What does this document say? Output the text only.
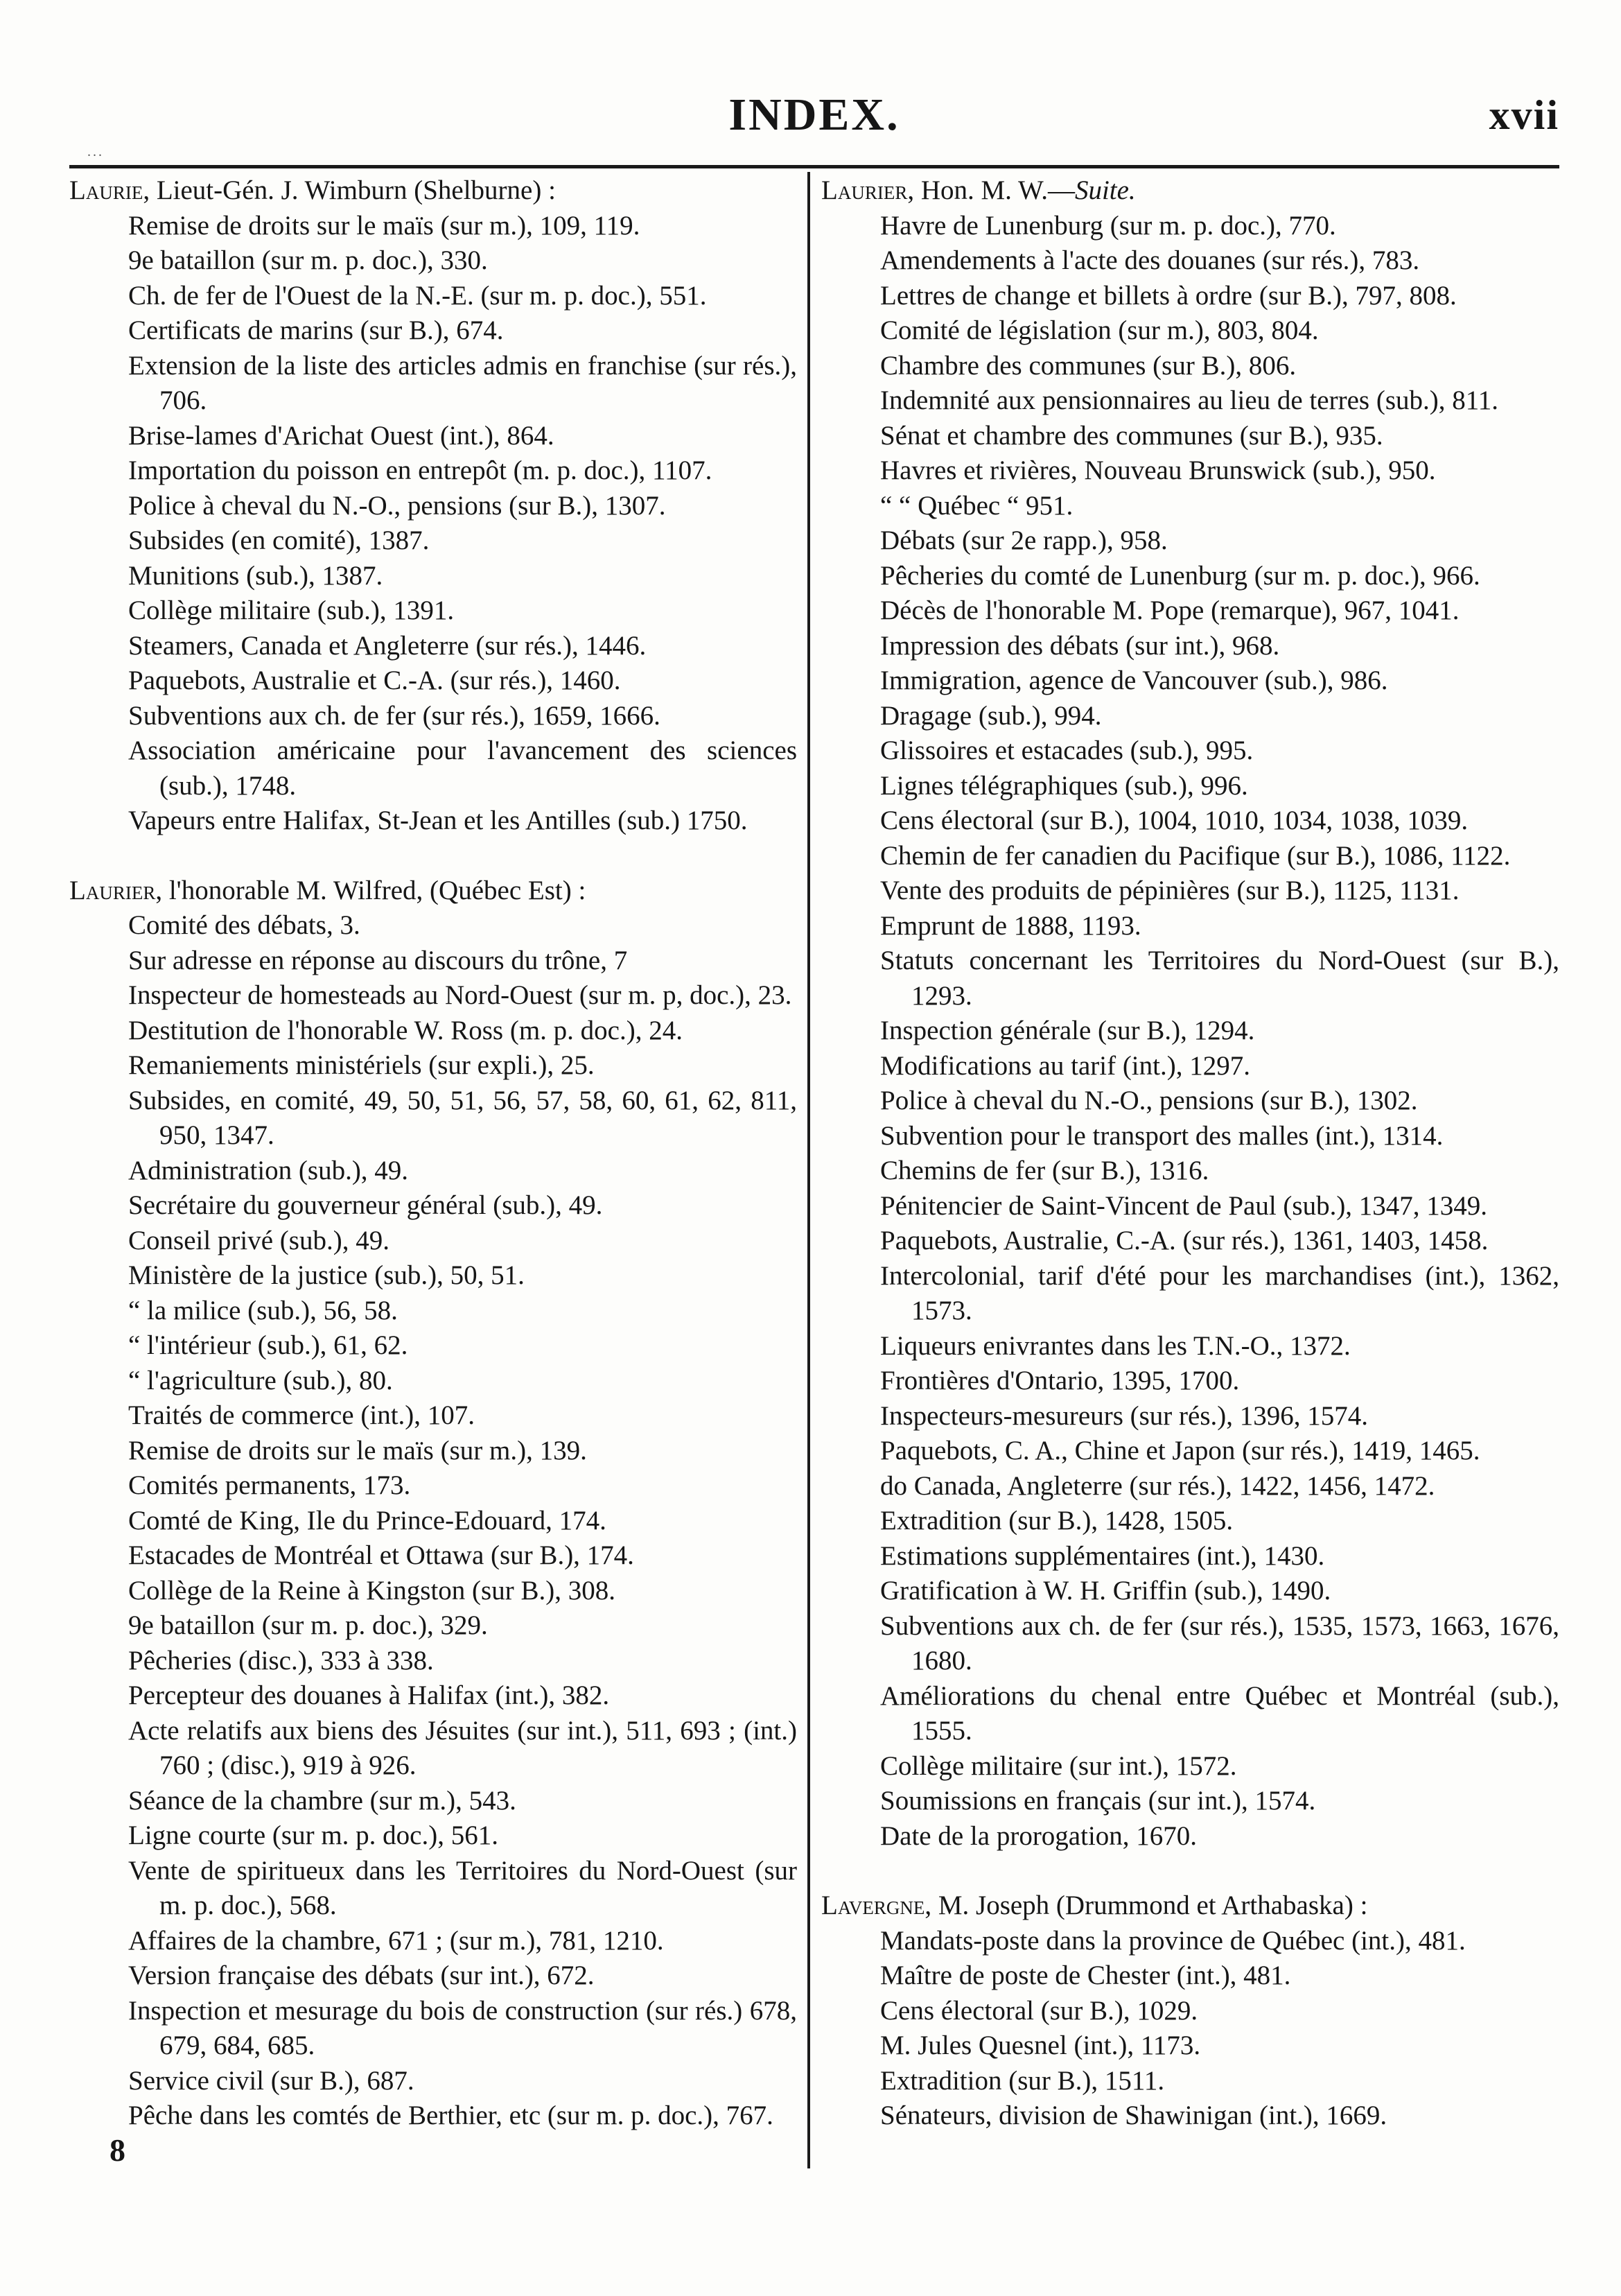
INDEX.	xvii
...
Laurie, Lieut-Gén. J. Wimburn (Shelburne) :
Remise de droits sur le maïs (sur m.), 109, 119.
9e bataillon (sur m. p. doc.), 330.
Ch. de fer de l'Ouest de la N.-E. (sur m. p. doc.), 551.
Certificats de marins (sur B.), 674.
Extension de la liste des articles admis en franchise (sur rés.), 706.
Brise-lames d'Arichat Ouest (int.), 864.
Importation du poisson en entrepôt (m. p. doc.), 1107.
Police à cheval du N.-O., pensions (sur B.), 1307.
Subsides (en comité), 1387.
Munitions (sub.), 1387.
Collège militaire (sub.), 1391.
Steamers, Canada et Angleterre (sur rés.), 1446.
Paquebots, Australie et C.-A. (sur rés.), 1460.
Subventions aux ch. de fer (sur rés.), 1659, 1666.
Association américaine pour l'avancement des sciences (sub.), 1748.
Vapeurs entre Halifax, St-Jean et les Antilles (sub.) 1750.
Laurier, l'honorable M. Wilfred, (Québec Est) :
Comité des débats, 3.
Sur adresse en réponse au discours du trône, 7
Inspecteur de homesteads au Nord-Ouest (sur m. p, doc.), 23.
Destitution de l'honorable W. Ross (m. p. doc.), 24.
Remaniements ministériels (sur expli.), 25.
Subsides, en comité, 49, 50, 51, 56, 57, 58, 60, 61, 62, 811, 950, 1347.
Administration (sub.), 49.
Secrétaire du gouverneur général (sub.), 49.
Conseil privé (sub.), 49.
Ministère de la justice (sub.), 50, 51.
“ la milice (sub.), 56, 58.
“ l'intérieur (sub.), 61, 62.
“ l'agriculture (sub.), 80.
Traités de commerce (int.), 107.
Remise de droits sur le maïs (sur m.), 139.
Comités permanents, 173.
Comté de King, Ile du Prince-Edouard, 174.
Estacades de Montréal et Ottawa (sur B.), 174.
Collège de la Reine à Kingston (sur B.), 308.
9e bataillon (sur m. p. doc.), 329.
Pêcheries (disc.), 333 à 338.
Percepteur des douanes à Halifax (int.), 382.
Acte relatifs aux biens des Jésuites (sur int.), 511, 693 ; (int.) 760 ; (disc.), 919 à 926.
Séance de la chambre (sur m.), 543.
Ligne courte (sur m. p. doc.), 561.
Vente de spiritueux dans les Territoires du Nord-Ouest (sur m. p. doc.), 568.
Affaires de la chambre, 671 ; (sur m.), 781, 1210.
Version française des débats (sur int.), 672.
Inspection et mesurage du bois de construction (sur rés.) 678, 679, 684, 685.
Service civil (sur B.), 687.
Pêche dans les comtés de Berthier, etc (sur m. p. doc.), 767.
Laurier, Hon. M. W.—Suite.
Havre de Lunenburg (sur m. p. doc.), 770.
Amendements à l'acte des douanes (sur rés.), 783.
Lettres de change et billets à ordre (sur B.), 797, 808.
Comité de législation (sur m.), 803, 804.
Chambre des communes (sur B.), 806.
Indemnité aux pensionnaires au lieu de terres (sub.), 811.
Sénat et chambre des communes (sur B.), 935.
Havres et rivières, Nouveau Brunswick (sub.), 950.
“ “ Québec “ 951.
Débats (sur 2e rapp.), 958.
Pêcheries du comté de Lunenburg (sur m. p. doc.), 966.
Décès de l'honorable M. Pope (remarque), 967, 1041.
Impression des débats (sur int.), 968.
Immigration, agence de Vancouver (sub.), 986.
Dragage (sub.), 994.
Glissoires et estacades (sub.), 995.
Lignes télégraphiques (sub.), 996.
Cens électoral (sur B.), 1004, 1010, 1034, 1038, 1039.
Chemin de fer canadien du Pacifique (sur B.), 1086, 1122.
Vente des produits de pépinières (sur B.), 1125, 1131.
Emprunt de 1888, 1193.
Statuts concernant les Territoires du Nord-Ouest (sur B.), 1293.
Inspection générale (sur B.), 1294.
Modifications au tarif (int.), 1297.
Police à cheval du N.-O., pensions (sur B.), 1302.
Subvention pour le transport des malles (int.), 1314.
Chemins de fer (sur B.), 1316.
Pénitencier de Saint-Vincent de Paul (sub.), 1347, 1349.
Paquebots, Australie, C.-A. (sur rés.), 1361, 1403, 1458.
Intercolonial, tarif d'été pour les marchandises (int.), 1362, 1573.
Liqueurs enivrantes dans les T.N.-O., 1372.
Frontières d'Ontario, 1395, 1700.
Inspecteurs-mesureurs (sur rés.), 1396, 1574.
Paquebots, C. A., Chine et Japon (sur rés.), 1419, 1465.
do Canada, Angleterre (sur rés.), 1422, 1456, 1472.
Extradition (sur B.), 1428, 1505.
Estimations supplémentaires (int.), 1430.
Gratification à W. H. Griffin (sub.), 1490.
Subventions aux ch. de fer (sur rés.), 1535, 1573, 1663, 1676, 1680.
Améliorations du chenal entre Québec et Montréal (sub.), 1555.
Collège militaire (sur int.), 1572.
Soumissions en français (sur int.), 1574.
Date de la prorogation, 1670.
Lavergne, M. Joseph (Drummond et Arthabaska) :
Mandats-poste dans la province de Québec (int.), 481.
Maître de poste de Chester (int.), 481.
Cens électoral (sur B.), 1029.
M. Jules Quesnel (int.), 1173.
Extradition (sur B.), 1511.
Sénateurs, division de Shawinigan (int.), 1669.
8
